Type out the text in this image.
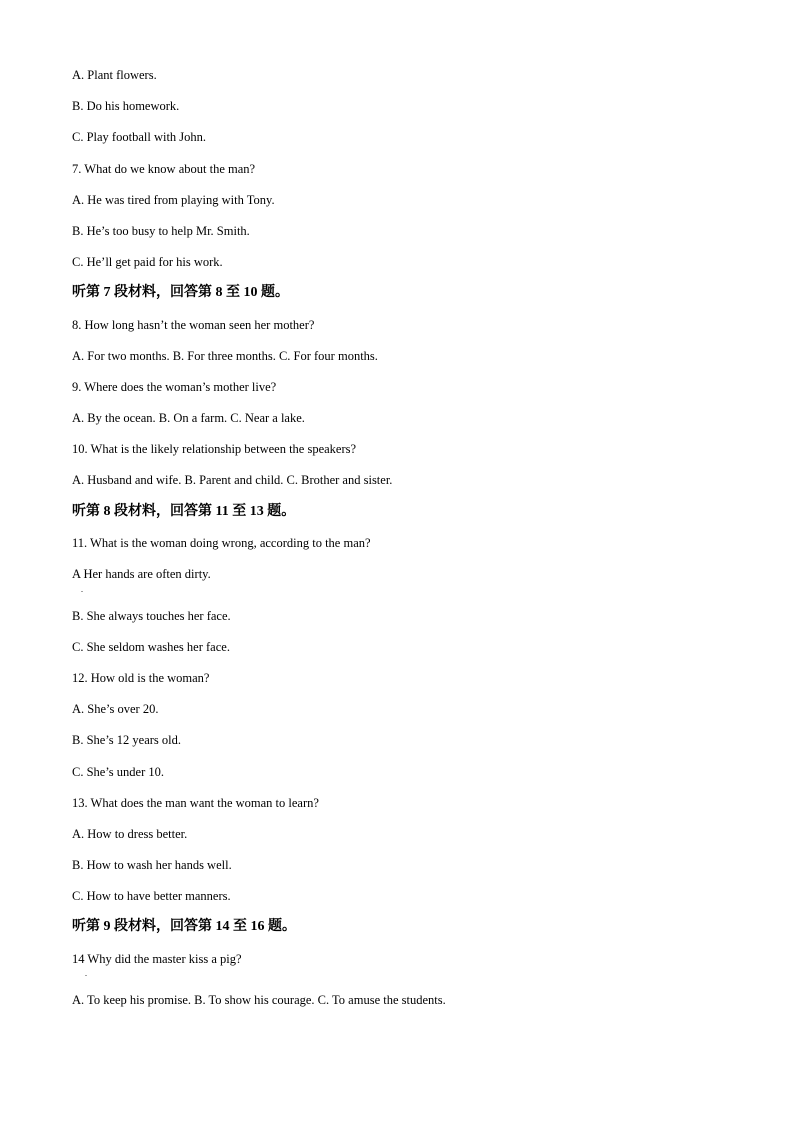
A. Plant flowers.
B. Do his homework.
C. Play football with John.
7. What do we know about the man?
A. He was tired from playing with Tony.
B. He’s too busy to help Mr. Smith.
C. He’ll get paid for his work.
听第 7 段材料，回答第 8 至 10 题。
8. How long hasn’t the woman seen her mother?
A. For two months. B. For three months. C. For four months.
9. Where does the woman’s mother live?
A. By the ocean. B. On a farm. C. Near a lake.
10. What is the likely relationship between the speakers?
A. Husband and wife. B. Parent and child. C. Brother and sister.
听第 8 段材料，回答第 11 至 13 题。
11. What is the woman doing wrong, according to the man?
A Her hands are often dirty.
B. She always touches her face.
C. She seldom washes her face.
12. How old is the woman?
A. She’s over 20.
B. She’s 12 years old.
C. She’s under 10.
13. What does the man want the woman to learn?
A. How to dress better.
B. How to wash her hands well.
C. How to have better manners.
听第 9 段材料，回答第 14 至 16 题。
14 Why did the master kiss a pig?
A. To keep his promise. B. To show his courage. C. To amuse the students.
.
.
